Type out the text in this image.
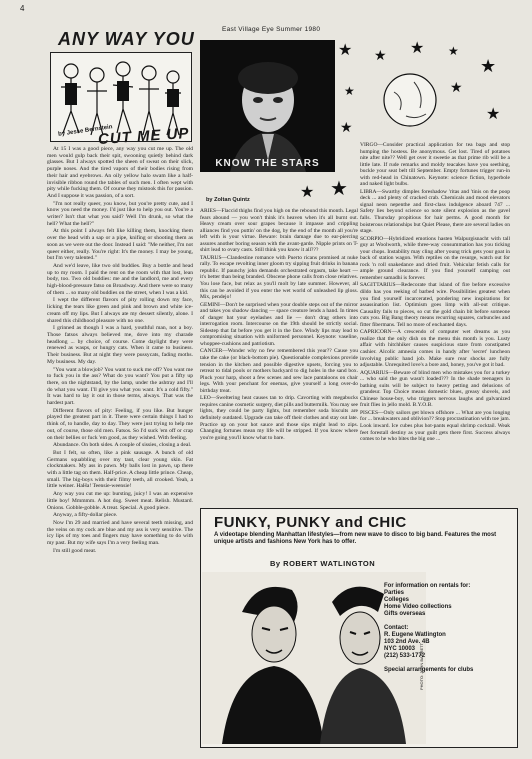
4
East Village Eye Summer 1980
ANY WAY YOU
by Jesse Bernstein
CUT ME UP

At 15 I was a good piece, any way you cut me up. The old men would gulp back their spit, swooning quietly behind dark glasses. But I always spotted the sheen of sweat on their slick, purple noses. And the tired vapors of their bodies rising from their hair and eyebrows. An oily yellow halo swam like a half-invisible ribbon round the tables of such men. I often wept with pity while fucking them. Of course they mistook this for passion. And I suppose it was passion, of a sort.

"I'm not really queer, you know, but you're pretty cute, and I know you need the money. I'd just like to help you out. You're a writer? Isn't that what you said? Well I'm drunk, so what the hell? What the hell?"

At this point I always felt like killing them, knocking them over the head with a sap or a pipe, knifing or shooting them as soon as we were out the door. Instead I said: "Me neither, I'm not queer either, really. You're right: It's the money. I may be young, but I'm very talented."

And we'd leave, like two old buddies. Buy a bottle and head up to my room. I paid the rent on the room with that lost, lean body, too. Two old buddies: me and the landlord, me and every high-blood-pressure fatso on Broadway. And there were so many of them ... so many old buddies on the street, when I was a kid.

I wept the different flavors of pity rolling down my face, licking the tears like green and pink and brown and white ice-cream off my lips. But I always ate my dessert silently, alone. I shared this childhood pleasure with no one.

I grinned as though I was a hard, youthful man, not a boy. Those fatsos always believed me, dove into my charade headlong ... by choice, of course. Come daylight they were renewed as wasps, or hungry cats. When it came to business. Their business. But at night they were pussycats, fading moths. My business. My day.

"You want a blowjob? You want to suck me off? You want me to fuck you in the ass? What do you want? You put a fifty up there, on the nightstand, by the lamp, under the ashtray and I'll do what you want. I'll give you what you want. It's a cold fifty." It was hard to lay it out in those terms, always. That was the hardest part.

Different flavors of pity: Feeling, if you like. But hunger played the greatest part in it. There were certain things I had to think of, to handle, day to day. They were just trying to help me out, of course, those old men. Fatsos. So I'd suck 'em off or crap on their bellies or fuck 'em good, as they wished. With feeling.

Abundance. On both sides. A couple of sissies, closing a deal.

But I felt, so often, like a pink sausage. A bunch of old Germans squabbling over my taut, clear young skin. Fat clockmakers. My ass in pawn. My balls lost in pawn, up there with a little tag on them. Half-price. A cheap little prince. Cheap, small. The big-boys with their filmy teeth, all crooked. Yeah, a little weiner. HaHa! Teensie-weensie!

Any way you cut me up: bursting, juicy! I was an expensive little boy! Mmmmm. A hot dog. Sweet meat. Relish. Mustard. Onions. Gobble-gobble. A treat. Special. A good piece.

Anyway, a fifty-dollar piece.

Now I'm 29 and married and have several teeth missing, and the veins on my cock are blue and my ass is very sensitive. The icy lips of my toes and fingers may have something to do with my past. But my wife says I'm a very feeling man.

I'm still good meat.

KNOW THE STARS
★ ★ ★ ★
★
★	★
★
★
★ ★
by Zoltan Quintz

ARIES—Flaccid thighs find you high on the rebound this month. Legal fears abound — you won't think it's heaven when it's all burnt out. Heavy cream over sour grapes because it impasse and crippling alliances find you puttin' on the dog, by the end of the month all you're left with is your virtue. Beware: brain damage due to ear-piercing assures another boring season with the avant-garde. Nipple prints on T-shirt lead to ovary casts. Still think you know it all???

TAURUS—Clandestine romance with Puerto ricans promised at nuke rally. To escape revolting inner gloom try sipping fruit drinks in banana republic. If paunchy john demands orchestrated orgasm, take heart — it's better than being branded. Obscene phone calls from close relatives. You lose face, but relax as you'll molt by late summer. However, all this can be avoided if you enter the wet world of unleashed lip gloss. Mix, pendejo!

GEMINI—Don't be surprised when your double steps out of the mirror and takes you shadow dancing — space creature lends a hand. In times of danger bat your eyelashes and lie — don't drag others into interrogation room. Intercourse on the 19th should be strictly social. Sidestep that fat before you get it in the face. Windy lips may lead to compromising situation with uniformed personnel. Keynote: vaseline, whoppee-cushions and patriotism.

CANCER—Wonder why no few remembered this year?? Cause you take the cake (or black-bottom pie). Questionable complexions provide tension in the kitchen and possible digestive upsets, forcing you to retreat to tidal pools or mothers backyard to dig holes in the sand box. Pluck your harp, shoot a few scenes and sew lace pantaloons on chair legs. With your penchant for enemas, give yourself a long over-do birthday treat.

LEO—Sweltering heat causes tan to drip. Cavorting with megabucks requires canine cosmetic surgery, diet pills and buttermilk. You may see lights, they could be party lights, but remember soda biscuits are definitely outdated. Upgrade can take off their clothes and stay out late. Practice up on your hot sauce and those sips might lead to zips. Changing fortunes mean my life will be stripped. If you know where you're going you'll know what to bare.

VIRGO—Consider practical application for tea bags and stop humping the hostess. Be anonymous. Get lost. Tired of potatoes nite after nite?? Well get over it sweetie as that prime rib will be a little late. If rude remarks and moldy teacakes have you seething, buckle your seat belt till September. Empty fortunes trigger run-in with red-head in Chinatown. Keynote: science fiction, hyperbole and naked light bulbs.

LIBRA—Swarthy dimples foreshadow 'ritas and 'tinis on the poop deck ... and plenty of cracked crab. Chemicals and mood elevators signal neon nepenthe and first-class indulgence aboard 747 ... Safety lies beyond science so note silent explosion as the gavel falls. Thursday propitious for hair perms. A good month for boisterous relationships but Quiet Please, there are several ladies on stage.

SCORPIO—Hybridized emotions hasten Walpurgisnacht with tall guy at Woolworth, while three-way consummation has you ticking your chops. Instability may cling after young trick gets your goat in back of station wagon. With reptiles on the resurge, watch out for rock 'n roll snakedance and dried fruit. Vehicular fetish calls for ample ground clearance. If you find yourself camping out remember samadhi is forever.

SAGITTARIUS—Redecorate that island of fire before excessive dildo has you reeking of barbed wire. Possibilities greatest when you find yourself incarcerated, pondering new inspirations for assassination list. Optimism goes limp with all-out critique. Causality fails to pieces, so cut the gold chain bit before someone cuts you. Big Bang theory means recurring squares, carbuncles and fitter fibermans. Tell no more of enchanted days.

CAPRICORN—A crescendo of computer wet dreams as you realize that the only dish on the menu this month is you. Lusty affair with hitchhiker causes suspicious stare from constipated cashier. Alcolic amnesia comes in handy after 'secret' luncheon involving public hand job. Make sure rear shocks are fully adjustable. Unrequited love's a bore and, honey, you've got it bad.

AQUARIUS—Beware of blind men who mistakes you for a turkey ... who said the gun wasn't loaded??? In the shade teenagers in bathing suits will be subject to heavy petting and delusions of grandeur. Top Choice means domestic blues, greasy shovels, and Chinese house-boy, who triggers nervous laughs and galvanized fruit flies in jello mold. B.Y.O.B.

PISCES—Only sailors get blown offshore ... What are you longing for ... breakwaters and oblivion?? Stop procrastination with toe jam. Look inward. Ice cubes plus hot-pants equal shrimp cocktail. Weak feet forestall destiny as your guilt gets there first. Success always comes to he who bites the big one ...

FUNKY, PUNKY and CHIC
A videotape blending Manhattan lifestyles—from new wave to disco to big band. Features the most unique artists and fashions New York has to offer.
By ROBERT WATLINGTON
For information on rentals for:
Parties
Colleges
Home Video collections
Gifts overseas
Contact:
R. Eugene Watlington
103 2nd Ave. 4B
NYC 10003
(212) 533-1772
Special arrangements for clubs
PHOTO: JOHN BARRETT
